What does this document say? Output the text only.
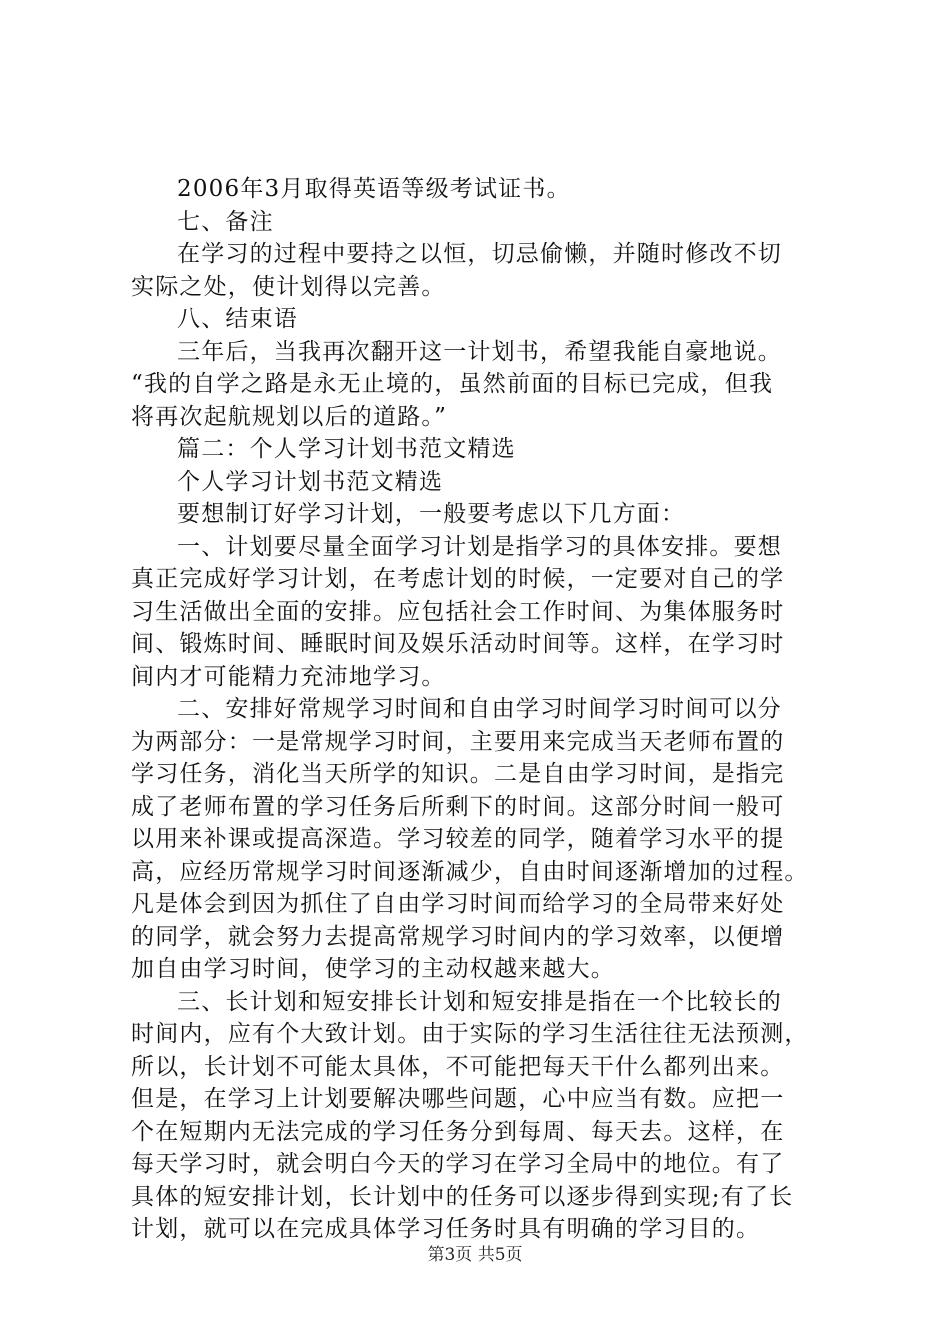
2006年3月取得英语等级考试证书。
七、备注
在学习的过程中要持之以恒，切忌偷懒，并随时修改不切
实际之处，使计划得以完善。
八、结束语
三年后，当我再次翻开这一计划书，希望我能自豪地说。
“我的自学之路是永无止境的，虽然前面的目标已完成，但我
将再次起航规划以后的道路。”
篇二：个人学习计划书范文精选
个人学习计划书范文精选
要想制订好学习计划，一般要考虑以下几方面：
一、计划要尽量全面学习计划是指学习的具体安排。要想
真正完成好学习计划，在考虑计划的时候，一定要对自己的学
习生活做出全面的安排。应包括社会工作时间、为集体服务时
间、锻炼时间、睡眠时间及娱乐活动时间等。这样，在学习时
间内才可能精力充沛地学习。
二、安排好常规学习时间和自由学习时间学习时间可以分
为两部分：一是常规学习时间，主要用来完成当天老师布置的
学习任务，消化当天所学的知识。二是自由学习时间，是指完
成了老师布置的学习任务后所剩下的时间。这部分时间一般可
以用来补课或提高深造。学习较差的同学，随着学习水平的提
高，应经历常规学习时间逐渐减少，自由时间逐渐增加的过程。
凡是体会到因为抓住了自由学习时间而给学习的全局带来好处
的同学，就会努力去提高常规学习时间内的学习效率，以便增
加自由学习时间，使学习的主动权越来越大。
三、长计划和短安排长计划和短安排是指在一个比较长的
时间内，应有个大致计划。由于实际的学习生活往往无法预测，
所以，长计划不可能太具体，不可能把每天干什么都列出来。
但是，在学习上计划要解决哪些问题，心中应当有数。应把一
个在短期内无法完成的学习任务分到每周、每天去。这样，在
每天学习时，就会明白今天的学习在学习全局中的地位。有了
具体的短安排计划，长计划中的任务可以逐步得到实现;有了长
计划，就可以在完成具体学习任务时具有明确的学习目的。
第3页 共5页
